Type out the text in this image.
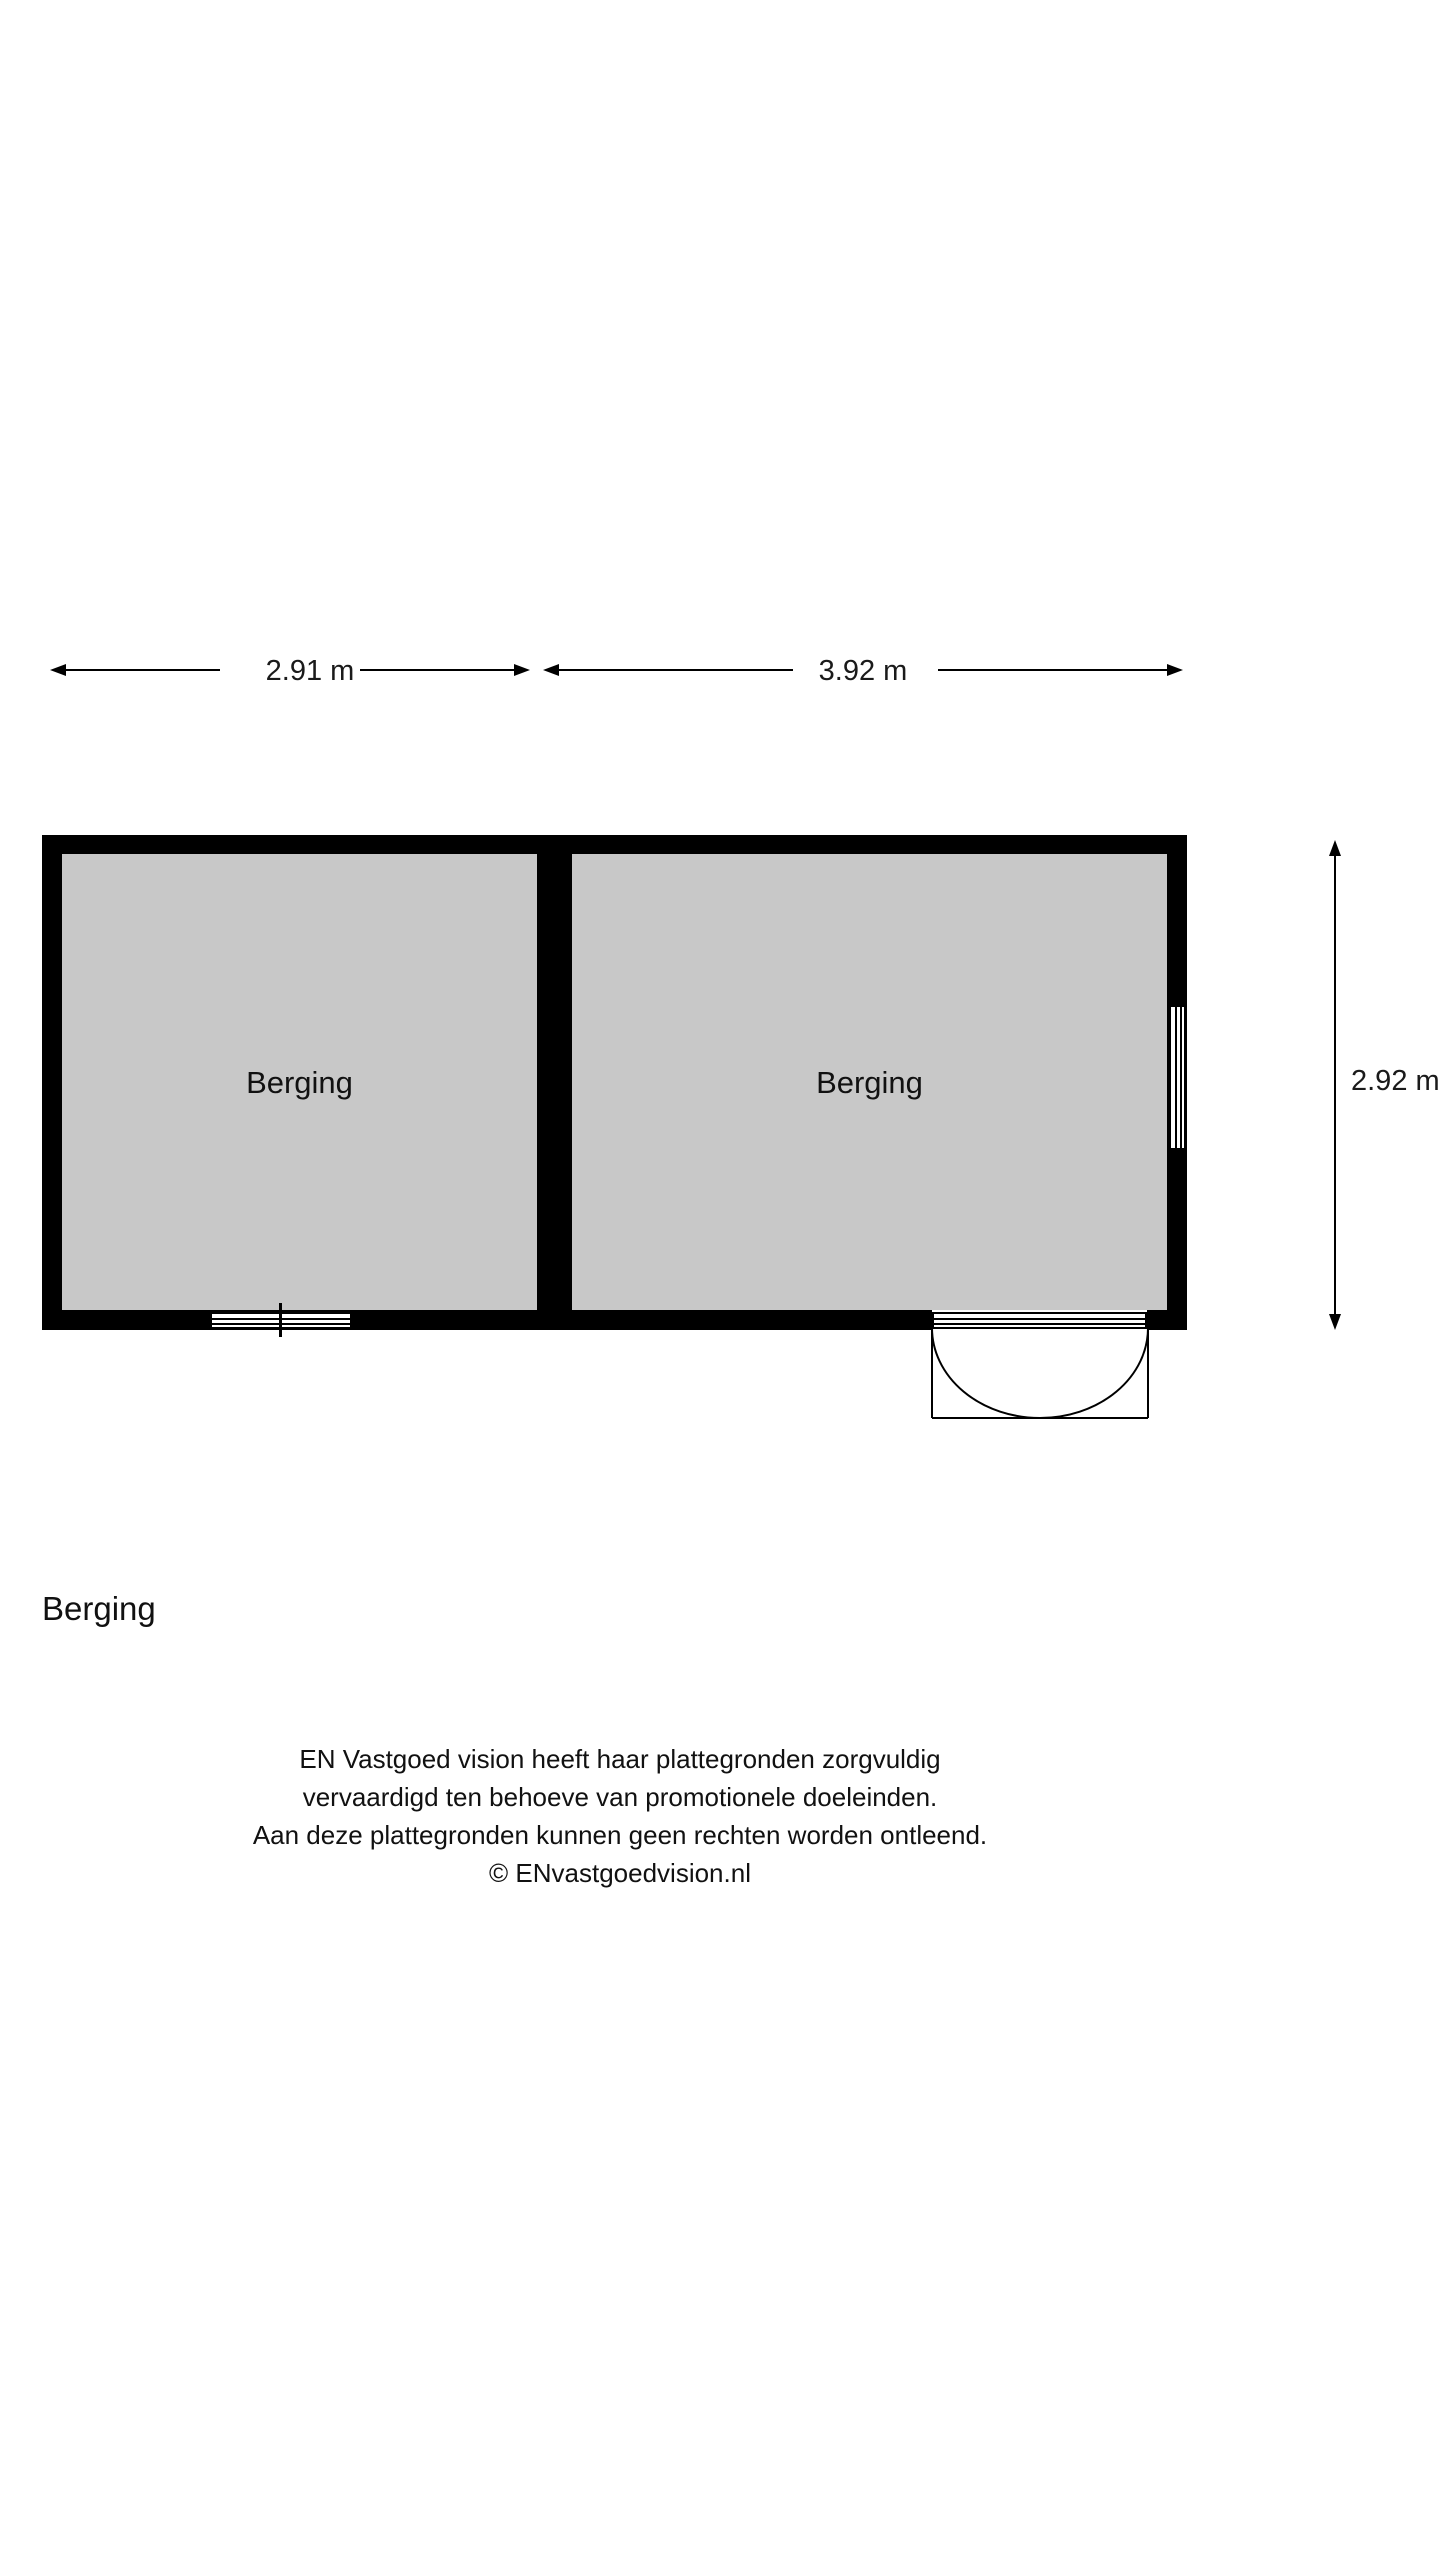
2.91 m	3.92 m
2.92 m
Berging	Berging
Berging
EN Vastgoed vision heeft haar plattegronden zorgvuldig
vervaardigd ten behoeve van promotionele doeleinden.
Aan deze plattegronden kunnen geen rechten worden ontleend.
© ENvastgoedvision.nl
